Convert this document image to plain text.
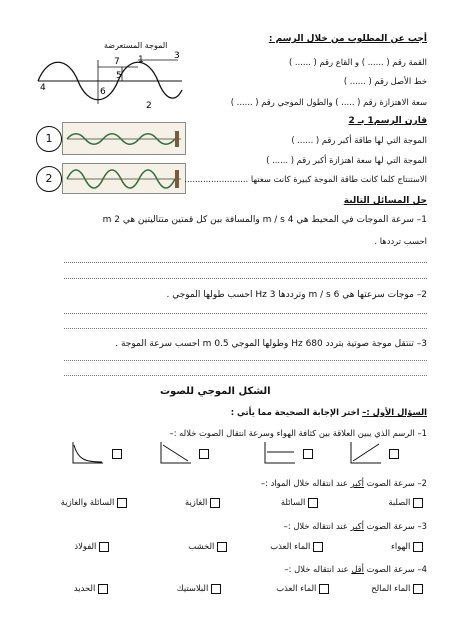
أجب عن المطلوب من خلال الرسم :
الموجة المستعرضة
7
5
4
3
6
1
2
القمة رقم ( ...... ) و القاع رقم ( ...... )
خط الأصل رقم ( ...... )
سعة الاهتزازة رقم ( ..... ) والطول الموجي رقم ( ...... )
قارن الرسم1 بـ 2
1
2
الموجة التي لها طاقة أكبر رقم ( ...... )
الموجة التي لها سعة اهتزازة أكبر رقم ( ...... )
الاستنتاج كلما كانت طاقة الموجة كبيرة كانت سعتها ........................
حل المسائل التالية
1– سرعة الموجات في المحيط هي 4 m / s والمسافة بين كل قمتين متتاليتين هي 2 m
احسب ترددها .
2– موجات سرعتها هي 6 m / s وترددها 3 Hz احسب طولها الموجي .
3– تنتقل موجة صوتية بتردد 680 Hz وطولها الموجي 0.5 m احسب سرعة الموجة .
الشكل الموجي للصوت
السؤال الأول :– اختر الإجابة الصحيحة مما يأتي :
1– الرسم الذي يبين العلاقة بين كثافة الهواء وسرعة انتقال الصوت خلاله :–
2– سرعة الصوت أكبر عند انتقاله خلال المواد :–
الصلبة
السائلة
الغازية
السائلة والغازية
3– سرعة الصوت أكبر عند انتقاله خلال :–
الهواء
الماء العذب
الخشب
الفولاذ
4– سرعة الصوت أقل عند انتقاله خلال :–
الماء المالح
الماء العذب
البلاستيك
الحديد
